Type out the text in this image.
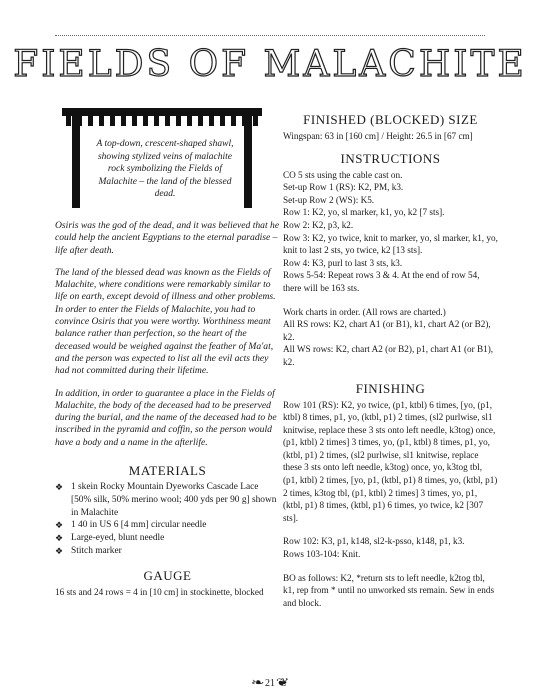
FIELDS OF MALACHITE
A top-down, crescent-shaped shawl, showing stylized veins of malachite rock symbolizing the Fields of Malachite – the land of the blessed dead.

Osiris was the god of the dead, and it was believed that he could help the ancient Egyptians to the eternal paradise – life after death.

The land of the blessed dead was known as the Fields of Malachite, where conditions were remarkably similar to life on earth, except devoid of illness and other problems. In order to enter the Fields of Malachite, you had to convince Osiris that you were worthy. Worthiness meant balance rather than perfection, so the heart of the deceased would be weighed against the feather of Ma'at, and the person was expected to list all the evil acts they had not committed during their lifetime.

In addition, in order to guarantee a place in the Fields of Malachite, the body of the deceased had to be preserved during the burial, and the name of the deceased had to be inscribed in the pyramid and coffin, so the person would have a body and a name in the afterlife.

MATERIALS
❖ 1 skein Rocky Mountain Dyeworks Cascade Lace [50% silk, 50% merino wool; 400 yds per 90 g] shown in Malachite
❖ 1 40 in US 6 [4 mm] circular needle
❖ Large-eyed, blunt needle
❖ Stitch marker
GAUGE
16 sts and 24 rows = 4 in [10 cm] in stockinette, blocked
FINISHED (BLOCKED) SIZE
Wingspan: 63 in [160 cm] / Height: 26.5 in [67 cm]
INSTRUCTIONS

CO 5 sts using the cable cast on.

Set-up Row 1 (RS): K2, PM, k3.

Set-up Row 2 (WS): K5.

Row 1: K2, yo, sl marker, k1, yo, k2 [7 sts].

Row 2: K2, p3, k2.

Row 3: K2, yo twice, knit to marker, yo, sl marker, k1, yo, knit to last 2 sts, yo twice, k2 [13 sts].

Row 4: K3, purl to last 3 sts, k3.

Rows 5-54: Repeat rows 3 & 4. At the end of row 54, there will be 163 sts.

Work charts in order. (All rows are charted.)

All RS rows: K2, chart A1 (or B1), k1, chart A2 (or B2), k2.

All WS rows: K2, chart A2 (or B2), p1, chart A1 (or B1), k2.

FINISHING

Row 101 (RS): K2, yo twice, (p1, ktbl) 6 times, [yo, (p1, ktbl) 8 times, p1, yo, (ktbl, p1) 2 times, (sl2 purlwise, sl1 knitwise, replace these 3 sts onto left needle, k3tog) once, (p1, ktbl) 2 times] 3 times, yo, (p1, ktbl) 8 times, p1, yo, (ktbl, p1) 2 times, (sl2 purlwise, sl1 knitwise, replace these 3 sts onto left needle, k3tog) once, yo, k3tog tbl, (p1, ktbl) 2 times, [yo, p1, (ktbl, p1) 8 times, yo, (ktbl, p1) 2 times, k3tog tbl, (p1, ktbl) 2 times] 3 times, yo, p1, (ktbl, p1) 8 times, (ktbl, p1) 6 times, yo twice, k2 [307 sts].

Row 102: K3, p1, k148, sl2-k-psso, k148, p1, k3.

Rows 103-104: Knit.

BO as follows: K2, *return sts to left needle, k2tog tbl, k1, rep from * until no unworked sts remain. Sew in ends and block.

❧ 21 ❦
